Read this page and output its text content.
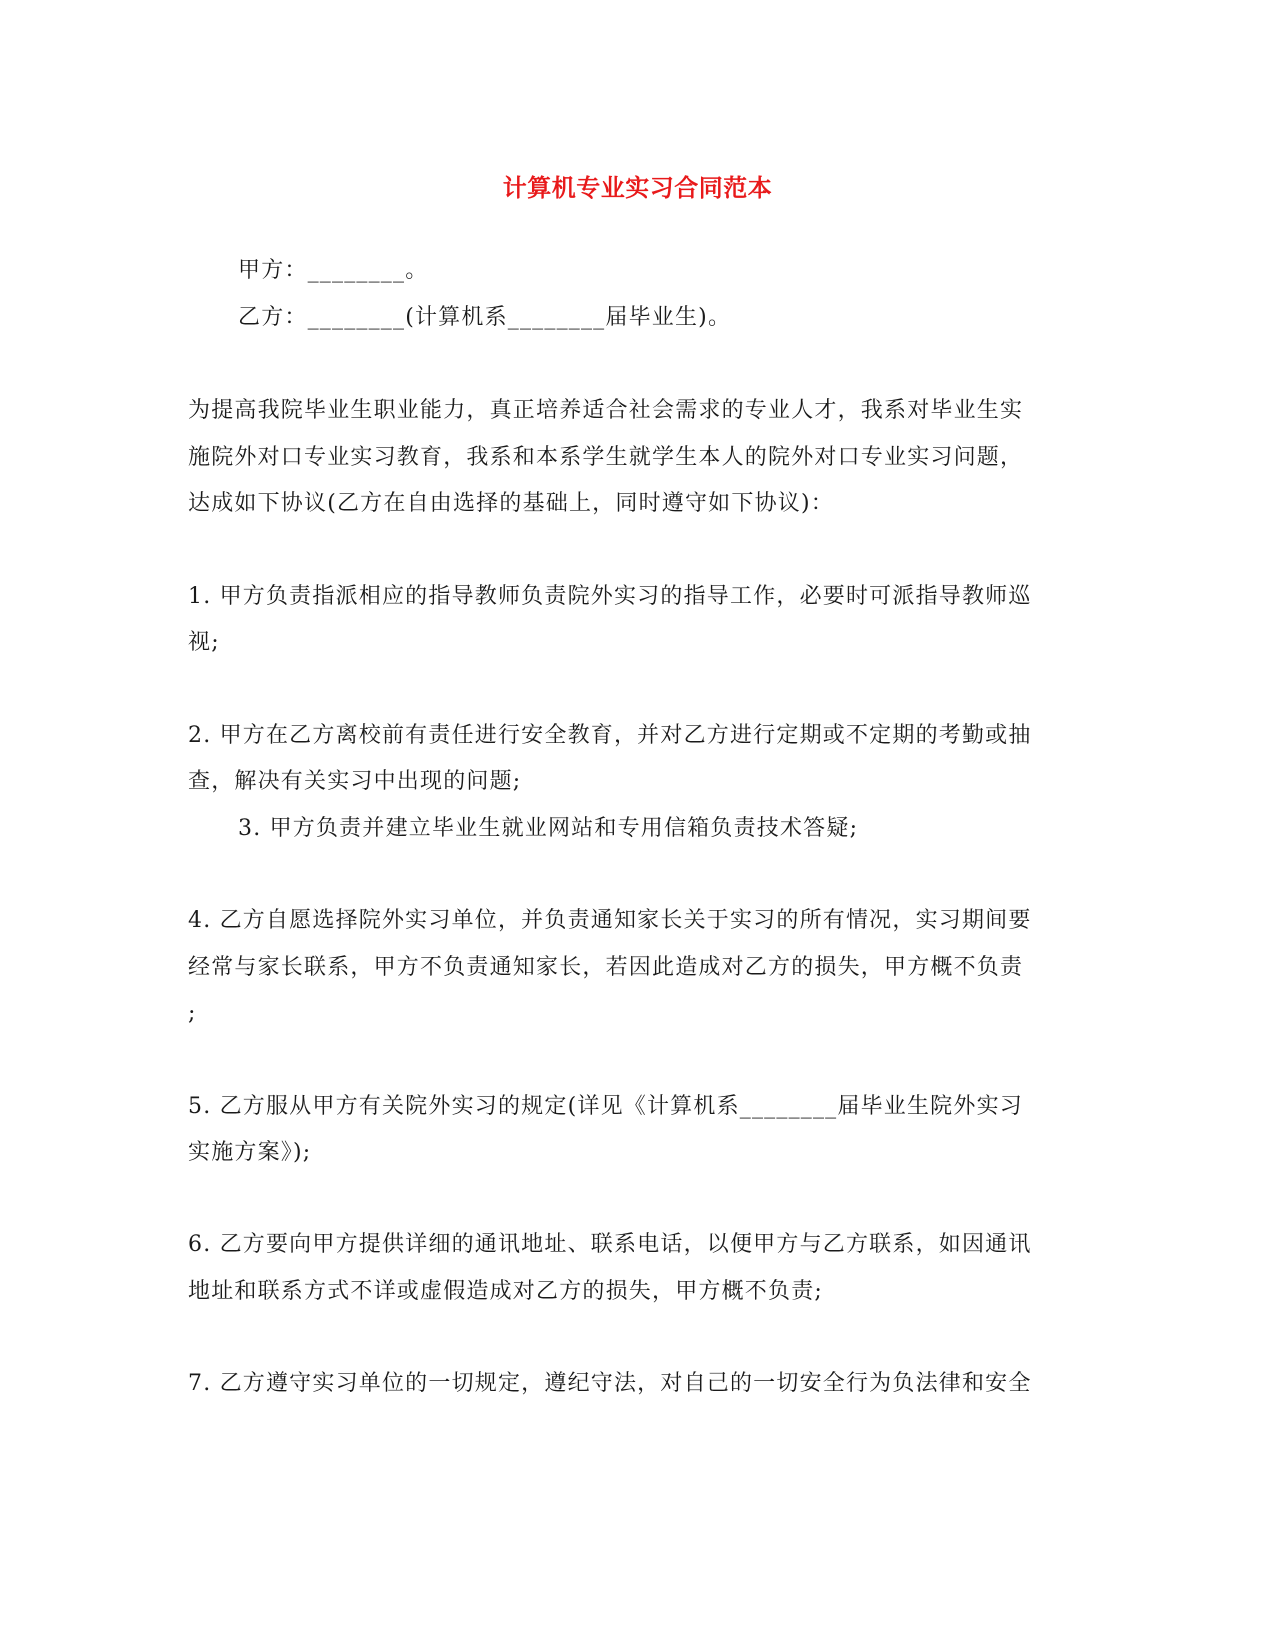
计算机专业实习合同范本
甲方：________。
乙方：________(计算机系________届毕业生)。
为提高我院毕业生职业能力，真正培养适合社会需求的专业人才，我系对毕业生实
施院外对口专业实习教育，我系和本系学生就学生本人的院外对口专业实习问题，
达成如下协议(乙方在自由选择的基础上，同时遵守如下协议)：
1. 甲方负责指派相应的指导教师负责院外实习的指导工作，必要时可派指导教师巡
视;
2. 甲方在乙方离校前有责任进行安全教育，并对乙方进行定期或不定期的考勤或抽
查，解决有关实习中出现的问题;
3. 甲方负责并建立毕业生就业网站和专用信箱负责技术答疑;
4. 乙方自愿选择院外实习单位，并负责通知家长关于实习的所有情况，实习期间要
经常与家长联系，甲方不负责通知家长，若因此造成对乙方的损失，甲方概不负责
;
5. 乙方服从甲方有关院外实习的规定(详见《计算机系________届毕业生院外实习
实施方案》);
6. 乙方要向甲方提供详细的通讯地址、联系电话，以便甲方与乙方联系，如因通讯
地址和联系方式不详或虚假造成对乙方的损失，甲方概不负责;
7. 乙方遵守实习单位的一切规定，遵纪守法，对自己的一切安全行为负法律和安全
